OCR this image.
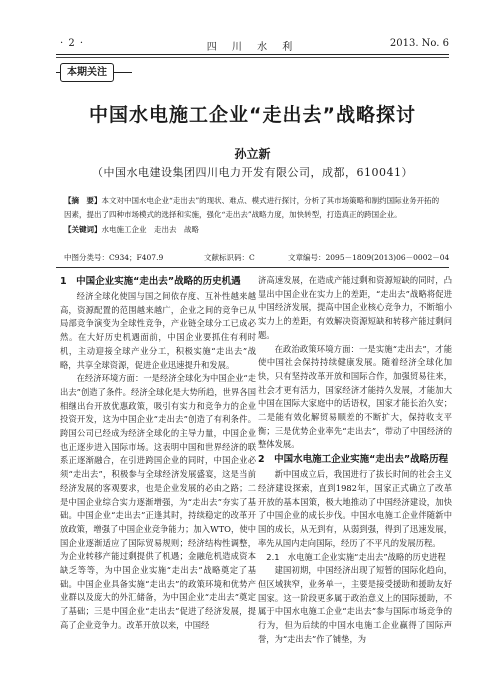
· 2 ·	四 川 水 利	2013. No. 6
本期关注
中国水电施工企业“走出去”战略探讨
孙立新
（中国水电建设集团四川电力开发有限公司，成都，610041）
【摘　要】本文对中国水电企业“走出去”的现状、难点、模式进行探讨，分析了其市场策略和制约国际业务开拓的因素，提出了四种市场模式的选择和实施，强化“走出去”战略力度，加快转型，打造真正的跨国企业。
【关键词】水电施工企业　走出去　战略
中图分类号：C934；F407.9	文献标识码：C	文章编号：2095－1809(2013)06－0002－04
1　中国企业实施“走出去”战略的历史机遇

经济全球化使国与国之间依存度、互补性越来越高，资源配置的范围越来越广，企业之间的竞争已从局部竞争演变为全球性竞争，产业链全球分工已成必然。在大好历史机遇面前，中国企业要抓住有利时机，主动迎接全球产业分工，积极实施“走出去”战略，共享全球资源，促进企业迅速提升和发展。

在经济环境方面：一是经济全球化为中国企业“走出去”创造了条件。经济全球化是大势所趋，世界各国相继出台开放优惠政策，吸引有实力和竞争力的企业投资开发，这为中国企业“走出去”创造了有利条件。跨国公司已经成为经济全球化的主导力量，中国企业也正逐步进入国际市场。这表明中国和世界经济的联系正逐渐融合，在引进跨国企业的同时，中国企业必须“走出去”，积极参与全球经济发展盛宴，这是当前经济发展的客观要求，也是企业发展的必由之路；二是中国企业综合实力逐渐增强，为“走出去”夯实了基础。中国企业“走出去”正逢其时，持续稳定的改革开放政策，增强了中国企业竞争能力；加入WTO，使中国企业逐渐适应了国际贸易规则；经济结构性调整，为企业转移产能过剩提供了机遇；金融危机造成资本缺乏等等，为中国企业实施“走出去”战略奠定了基础。中国企业具备实施“走出去”的政策环境和优势产业群以及庞大的外汇储备，为中国企业“走出去”奠定了基础；三是中国企业“走出去”促进了经济发展，提高了企业竞争力。改革开放以来，中国经

济高速发展，在造成产能过剩和资源短缺的同时，凸显出中国企业在实力上的差距，“走出去”战略将促进中国经济发展，提高中国企业核心竞争力，不断缩小实力上的差距，有效解决资源短缺和转移产能过剩问题。

在政治政策环境方面：一是实施“走出去”，才能使中国社会保持持续健康发展。随着经济全球化加快，只有坚持改革开放和国际合作，加强贸易往来，社会才更有活力，国家经济才能持久发展，才能加大中国在国际大家庭中的话语权，国家才能长治久安；二是能有效化解贸易顺差的不断扩大，保持收支平衡；三是优势企业率先“走出去”，带动了中国经济的整体发展。

2　中国水电施工企业实施“走出去”战略历程

新中国成立后，我国进行了拔长时间的社会主义经济建设探索，直到1982年，国家正式确立了改革开放的基本国策，极大地推动了中国经济建设，加快了中国企业的成长步伐。中国水电施工企业伴随新中国的成长，从无到有，从弱到强，得到了迅速发展，率先从国内走向国际，经历了不平凡的发展历程。

2.1　水电施工企业实施“走出去”战略的历史进程

建国初期，中国经济出现了短暂的国际化趋向，但区域狭窄，业务单一，主要是接受援助和援助友好国家。这一阶段更多属于政治意义上的国际援助，不属于中国水电施工企业“走出去”参与国际市场竞争的行为，但为后续的中国水电施工企业赢得了国际声誉，为“走出去”作了铺垫，为
